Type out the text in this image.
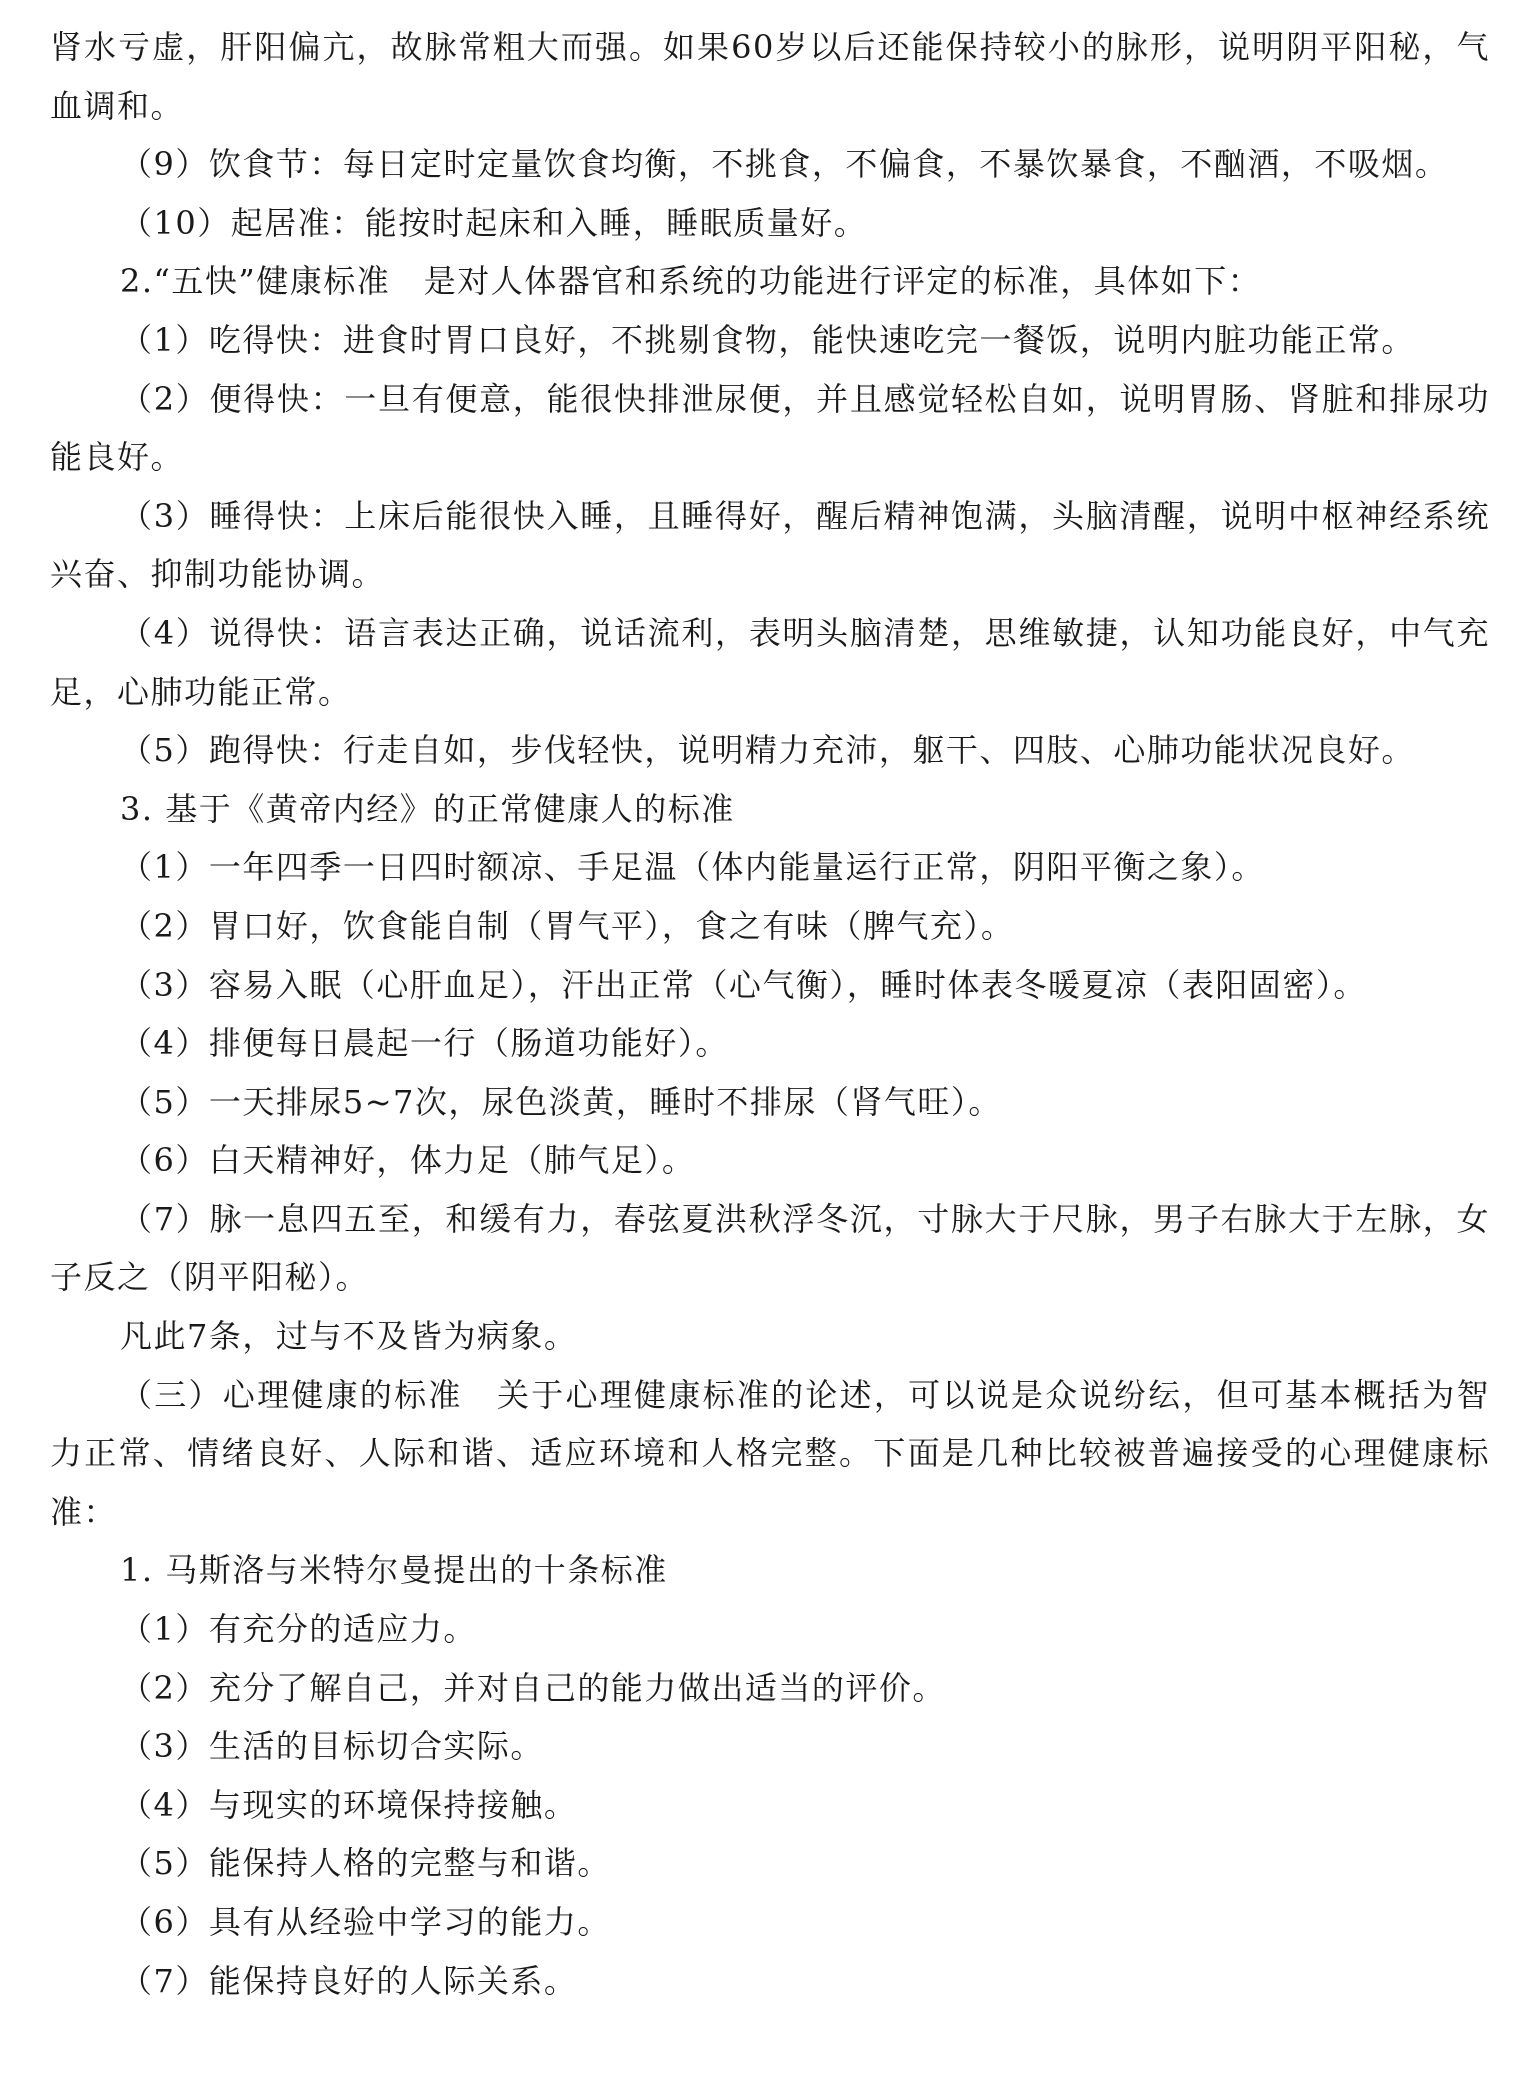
肾水亏虚，肝阳偏亢，故脉常粗大而强。如果60岁以后还能保持较小的脉形，说明阴平阳秘，气血调和。

（9）饮食节：每日定时定量饮食均衡，不挑食，不偏食，不暴饮暴食，不酗酒，不吸烟。

（10）起居准：能按时起床和入睡，睡眠质量好。

2.“五快”健康标准　是对人体器官和系统的功能进行评定的标准，具体如下：

（1）吃得快：进食时胃口良好，不挑剔食物，能快速吃完一餐饭，说明内脏功能正常。

（2）便得快：一旦有便意，能很快排泄尿便，并且感觉轻松自如，说明胃肠、肾脏和排尿功能良好。

（3）睡得快：上床后能很快入睡，且睡得好，醒后精神饱满，头脑清醒，说明中枢神经系统兴奋、抑制功能协调。

（4）说得快：语言表达正确，说话流利，表明头脑清楚，思维敏捷，认知功能良好，中气充足，心肺功能正常。

（5）跑得快：行走自如，步伐轻快，说明精力充沛，躯干、四肢、心肺功能状况良好。

3. 基于《黄帝内经》的正常健康人的标准

（1）一年四季一日四时额凉、手足温（体内能量运行正常，阴阳平衡之象）。

（2）胃口好，饮食能自制（胃气平），食之有味（脾气充）。

（3）容易入眠（心肝血足），汗出正常（心气衡），睡时体表冬暖夏凉（表阳固密）。

（4）排便每日晨起一行（肠道功能好）。

（5）一天排尿5~7次，尿色淡黄，睡时不排尿（肾气旺）。

（6）白天精神好，体力足（肺气足）。

（7）脉一息四五至，和缓有力，春弦夏洪秋浮冬沉，寸脉大于尺脉，男子右脉大于左脉，女子反之（阴平阳秘）。

凡此7条，过与不及皆为病象。

（三）心理健康的标准　关于心理健康标准的论述，可以说是众说纷纭，但可基本概括为智力正常、情绪良好、人际和谐、适应环境和人格完整。下面是几种比较被普遍接受的心理健康标准：

1. 马斯洛与米特尔曼提出的十条标准

（1）有充分的适应力。

（2）充分了解自己，并对自己的能力做出适当的评价。

（3）生活的目标切合实际。

（4）与现实的环境保持接触。

（5）能保持人格的完整与和谐。

（6）具有从经验中学习的能力。

（7）能保持良好的人际关系。
